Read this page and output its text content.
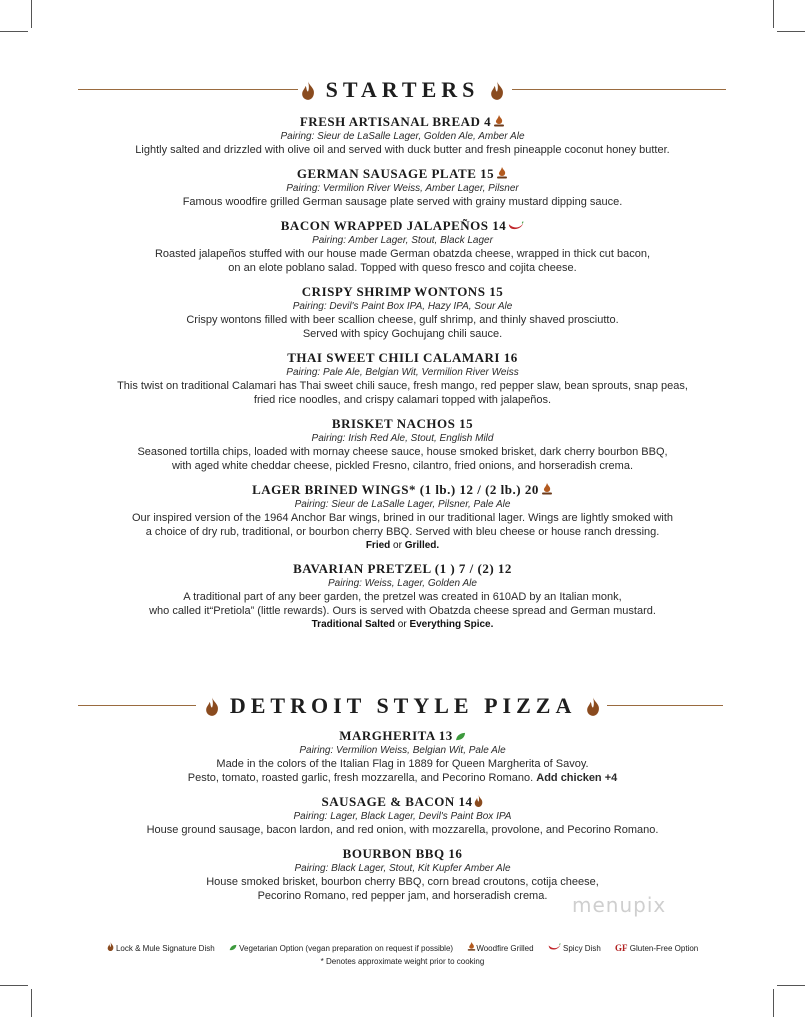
STARTERS
FRESH ARTISANAL BREAD 4
Pairing: Sieur de LaSalle Lager, Golden Ale, Amber Ale
Lightly salted and drizzled with olive oil and served with duck butter and fresh pineapple coconut honey butter.
GERMAN SAUSAGE PLATE 15
Pairing: Vermilion River Weiss, Amber Lager, Pilsner
Famous woodfire grilled German sausage plate served with grainy mustard dipping sauce.
BACON WRAPPED JALAPEÑOS 14
Pairing: Amber Lager, Stout, Black Lager
Roasted jalapeños stuffed with our house made German obatzda cheese, wrapped in thick cut bacon,
on an elote poblano salad. Topped with queso fresco and cojita cheese.
CRISPY SHRIMP WONTONS 15
Pairing: Devil's Paint Box IPA, Hazy IPA, Sour Ale
Crispy wontons filled with beer scallion cheese, gulf shrimp, and thinly shaved prosciutto.
Served with spicy Gochujang chili sauce.
THAI SWEET CHILI CALAMARI 16
Pairing: Pale Ale, Belgian Wit, Vermilion River Weiss
This twist on traditional Calamari has Thai sweet chili sauce, fresh mango, red pepper slaw, bean sprouts, snap peas,
fried rice noodles, and crispy calamari topped with jalapeños.
BRISKET NACHOS 15
Pairing: Irish Red Ale, Stout, English Mild
Seasoned tortilla chips, loaded with mornay cheese sauce, house smoked brisket, dark cherry bourbon BBQ,
with aged white cheddar cheese, pickled Fresno, cilantro, fried onions, and horseradish crema.
LAGER BRINED WINGS* (1 lb.) 12 / (2 lb.) 20
Pairing: Sieur de LaSalle Lager, Pilsner, Pale Ale
Our inspired version of the 1964 Anchor Bar wings, brined in our traditional lager. Wings are lightly smoked with
a choice of dry rub, traditional, or bourbon cherry BBQ. Served with bleu cheese or house ranch dressing.
Fried or Grilled.
BAVARIAN PRETZEL (1 ) 7 / (2) 12
Pairing: Weiss, Lager, Golden Ale
A traditional part of any beer garden, the pretzel was created in 610AD by an Italian monk,
who called it“Pretiola” (little rewards). Ours is served with Obatzda cheese spread and German mustard.
Traditional Salted or Everything Spice.
DETROIT STYLE PIZZA
MARGHERITA 13
Pairing: Vermilion Weiss, Belgian Wit, Pale Ale
Made in the colors of the Italian Flag in 1889 for Queen Margherita of Savoy.
Pesto, tomato, roasted garlic, fresh mozzarella, and Pecorino Romano. Add chicken +4
SAUSAGE & BACON 14
Pairing: Lager, Black Lager, Devil's Paint Box IPA
House ground sausage, bacon lardon, and red onion, with mozzarella, provolone, and Pecorino Romano.
BOURBON BBQ 16
Pairing: Black Lager, Stout, Kit Kupfer Amber Ale
House smoked brisket, bourbon cherry BBQ, corn bread croutons, cotija cheese,
Pecorino Romano, red pepper jam, and horseradish crema.	menupix
Lock & Mule Signature Dish	Vegetarian Option (vegan preparation on request if possible)	Woodfire Grilled	Spicy Dish GF Gluten-Free Option
* Denotes approximate weight prior to cooking
